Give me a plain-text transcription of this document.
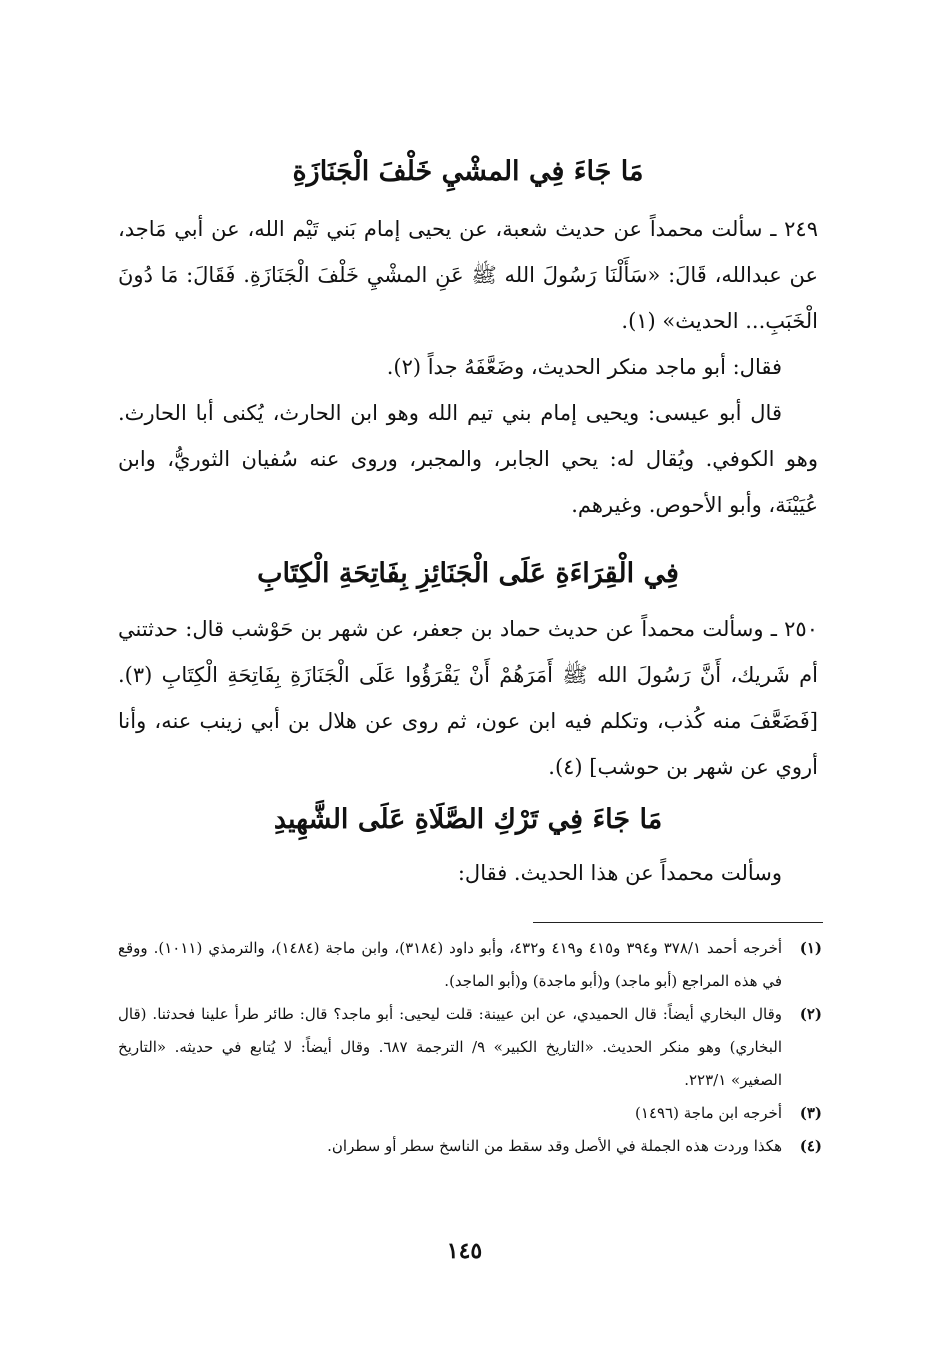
مَا جَاءَ فِي المشْيِ خَلْفَ الْجَنَازَةِ

٢٤٩ ـ سألت محمداً عن حديث شعبة، عن يحيى إمام بَني تَيْم الله، عن أبي مَاجد، عن عبدالله، قَالَ: «سَأَلْنَا رَسُولَ الله ﷺ عَنِ المشْيِ خَلْفَ الْجَنَازَةِ. فَقَالَ: مَا دُونَ الْخَبَبِ... الحديث» (١).

فقال: أبو ماجد منكر الحديث، وضَعَّفَهُ جداً (٢).

قال أبو عيسى: ويحيى إمام بني تيم الله وهو ابن الحارث، يُكنى أبا الحارث. وهو الكوفي. ويُقال له: يحي الجابر، والمجبر، وروى عنه سُفيان الثوريُّ، وابن عُيَيْنَة، وأبو الأحوص. وغيرهم.

فِي الْقِرَاءَةِ عَلَى الْجَنَائِزِ بِفَاتِحَةِ الْكِتَابِ

٢٥٠ ـ وسألت محمداً عن حديث حماد بن جعفر، عن شهر بن حَوْشب قال: حدثتني أم شَريك، أَنَّ رَسُولَ الله ﷺ أَمَرَهُمْ أَنْ يَقْرَؤُوا عَلَى الْجَنَازَةِ بِفَاتِحَةِ الْكِتَابِ (٣). [فَضَعَّفَ منه كُذب، وتكلم فيه ابن عون، ثم روى عن هلال بن أبي زينب عنه، وأنا أروي عن شهر بن حوشب] (٤).

مَا جَاءَ فِي تَرْكِ الصَّلَاةِ عَلَى الشَّهِيدِ

وسألت محمداً عن هذا الحديث. فقال:

(١)
أخرجه أحمد ٣٧٨/١ و٣٩٤ و٤١٥ و٤١٩ و٤٣٢، وأبو داود (٣١٨٤)، وابن ماجة (١٤٨٤)، والترمذي (١٠١١). ووقع في هذه المراجع (أبو ماجد) و(أبو ماجدة) و(أبو الماجد).

(٢)
وقال البخاري أيضاً: قال الحميدي، عن ابن عيينة: قلت ليحيى: أبو ماجد؟ قال: طائر طرأ علينا فحدثنا. (قال البخاري) وهو منكر الحديث. «التاريخ الكبير» ٩/ الترجمة ٦٨٧. وقال أيضاً: لا يُتابع في حديثه. «التاريخ الصغير» ٢٢٣/١.

(٣)
أخرجه ابن ماجة (١٤٩٦)

(٤)
هكذا وردت هذه الجملة في الأصل وقد سقط من الناسخ سطر أو سطران.

١٤٥
